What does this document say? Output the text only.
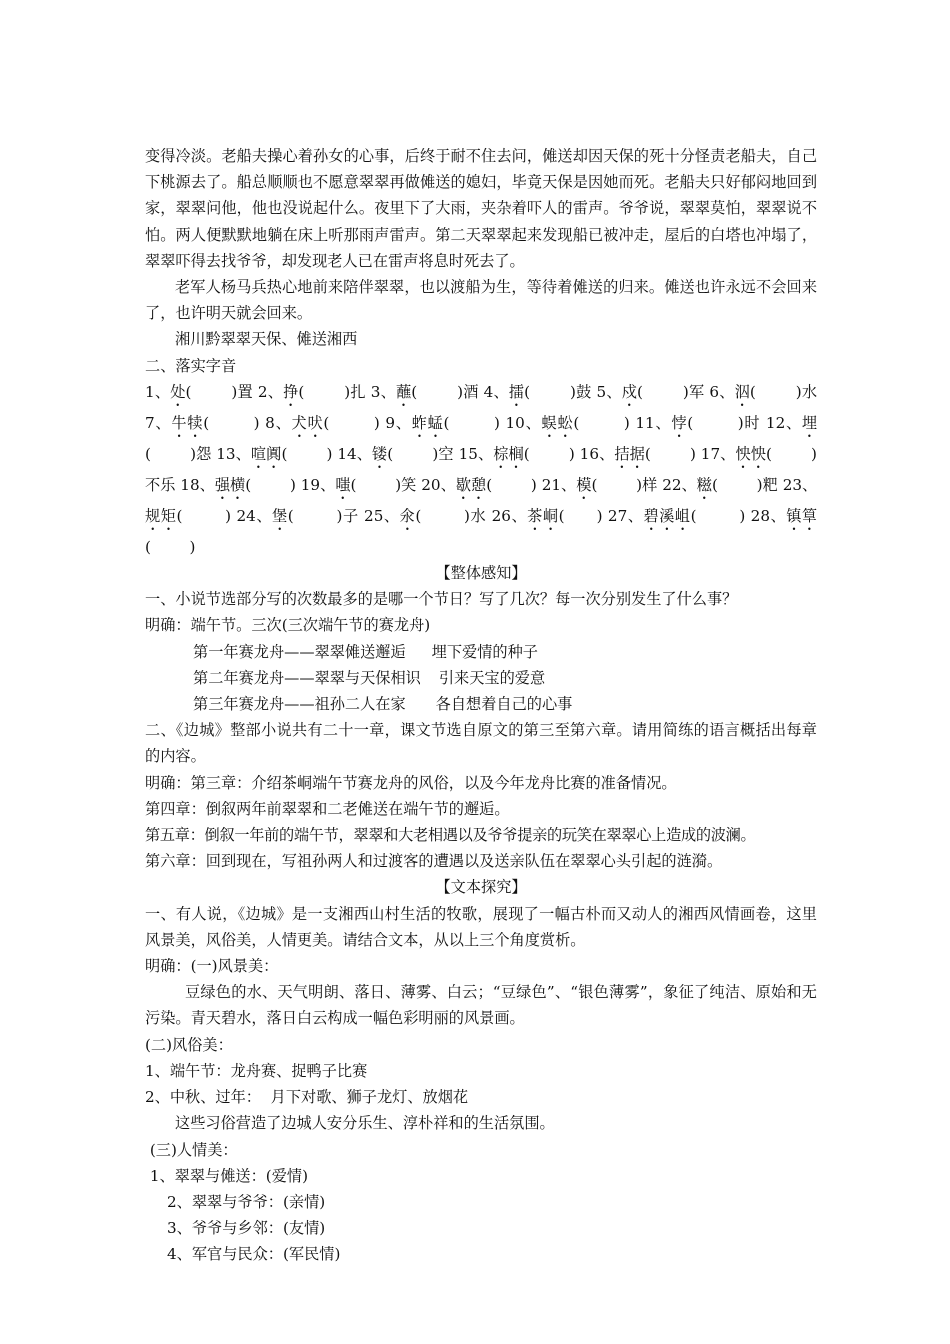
变得冷淡。老船夫操心着孙女的心事，后终于耐不住去问，傩送却因天保的死十分怪责老船夫，自己下桃源去了。船总顺顺也不愿意翠翠再做傩送的媳妇，毕竟天保是因她而死。老船夫只好郁闷地回到家，翠翠问他，他也没说起什么。夜里下了大雨，夹杂着吓人的雷声。爷爷说，翠翠莫怕，翠翠说不怕。两人便默默地躺在床上听那雨声雷声。第二天翠翠起来发现船已被冲走，屋后的白塔也冲塌了，翠翠吓得去找爷爷，却发现老人已在雷声将息时死去了。

老军人杨马兵热心地前来陪伴翠翠，也以渡船为生，等待着傩送的归来。傩送也许永远不会回来了，也许明天就会回来。

湘川黔翠翠天保、傩送湘西

二、落实字音

1、处(        )置 2、挣(        )扎 3、蘸(        )酒 4、擂(        )鼓 5、戍(        )军 6、泅(        )水 7、牛犊(        ) 8、犬吠(        ) 9、蚱蜢(        ) 10、蜈蚣(        ) 11、悖(        )时 12、埋(        )怨 13、喧阗(        ) 14、镂(        )空 15、棕榈(        ) 16、拮据(        ) 17、怏怏(        )不乐 18、强横(        ) 19、嗤(        )笑 20、歇憩(        ) 21、模(        )样 22、糍(        )粑 23、规矩(        ) 24、堡(        )子 25、氽(        )水 26、茶峒(      ) 27、碧溪岨(        ) 28、镇筸(        )

【整体感知】

一、小说节选部分写的次数最多的是哪一个节日？写了几次？每一次分别发生了什么事？

明确：端午节。三次(三次端午节的赛龙舟)

第一年赛龙舟——翠翠傩送邂逅 埋下爱情的种子

第二年赛龙舟——翠翠与天保相识 引来天宝的爱意

第三年赛龙舟——祖孙二人在家 各自想着自己的心事

二、《边城》整部小说共有二十一章，课文节选自原文的第三至第六章。请用简练的语言概括出每章的内容。

明确：第三章：介绍茶峒端午节赛龙舟的风俗，以及今年龙舟比赛的准备情况。

第四章：倒叙两年前翠翠和二老傩送在端午节的邂逅。

第五章：倒叙一年前的端午节，翠翠和大老相遇以及爷爷提亲的玩笑在翠翠心上造成的波澜。

第六章：回到现在，写祖孙两人和过渡客的遭遇以及送亲队伍在翠翠心头引起的涟漪。

【文本探究】

一、有人说，《边城》是一支湘西山村生活的牧歌，展现了一幅古朴而又动人的湘西风情画卷，这里风景美，风俗美，人情更美。请结合文本，从以上三个角度赏析。

明确：(一)风景美：

豆绿色的水、天气明朗、落日、薄雾、白云；“豆绿色”、“银色薄雾”，象征了纯洁、原始和无污染。青天碧水，落日白云构成一幅色彩明丽的风景画。

(二)风俗美：

1、端午节：龙舟赛、捉鸭子比赛

2、中秋、过年：  月下对歌、狮子龙灯、放烟花

这些习俗营造了边城人安分乐生、淳朴祥和的生活氛围。

(三)人情美：

1、翠翠与傩送：(爱情)

2、翠翠与爷爷：(亲情)

3、爷爷与乡邻：(友情)

4、军官与民众：(军民情)
